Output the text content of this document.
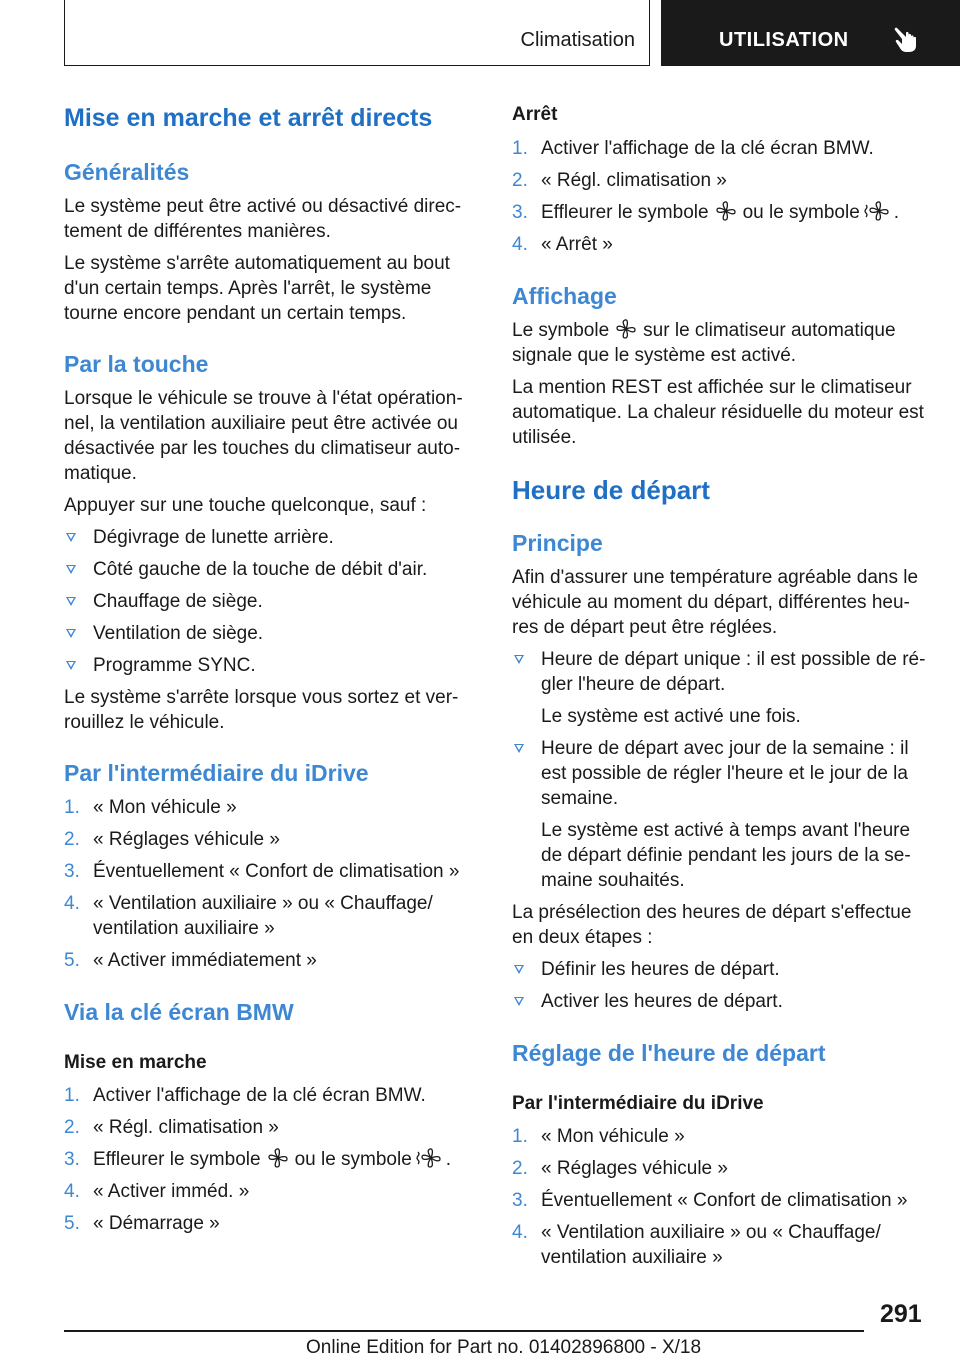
Climatisation	UTILISATION
Mise en marche et arrêt directs
Généralités
Le système peut être activé ou désactivé direc-
tement de différentes manières.
Le système s'arrête automatiquement au bout
d'un certain temps. Après l'arrêt, le système
tourne encore pendant un certain temps.
Par la touche
Lorsque le véhicule se trouve à l'état opération-
nel, la ventilation auxiliaire peut être activée ou
désactivée par les touches du climatiseur auto-
matique.
Appuyer sur une touche quelconque, sauf :
Dégivrage de lunette arrière.
Côté gauche de la touche de débit d'air.
Chauffage de siège.
Ventilation de siège.
Programme SYNC.
Le système s'arrête lorsque vous sortez et ver-
rouillez le véhicule.
Par l'intermédiaire du iDrive
1. « Mon véhicule »
2. « Réglages véhicule »
3. Éventuellement « Confort de climatisation »
4. « Ventilation auxiliaire » ou « Chauffage/
ventilation auxiliaire »
5. « Activer immédiatement »
Via la clé écran BMW
Mise en marche
1. Activer l'affichage de la clé écran BMW.
2. « Régl. climatisation »
3. Effleurer le symbole ou le symbole .
4. « Activer imméd. »
5. « Démarrage »
Arrêt
1. Activer l'affichage de la clé écran BMW.
2. « Régl. climatisation »
3. Effleurer le symbole ou le symbole .
4. « Arrêt »
Affichage
Le symbole sur le climatiseur automatique
signale que le système est activé.
La mention REST est affichée sur le climatiseur
automatique. La chaleur résiduelle du moteur est
utilisée.
Heure de départ
Principe
Afin d'assurer une température agréable dans le
véhicule au moment du départ, différentes heu-
res de départ peut être réglées.
Heure de départ unique : il est possible de ré-
gler l'heure de départ.
Le système est activé une fois.
Heure de départ avec jour de la semaine : il
est possible de régler l'heure et le jour de la
semaine.
Le système est activé à temps avant l'heure
de départ définie pendant les jours de la se-
maine souhaités.
La présélection des heures de départ s'effectue
en deux étapes :
Définir les heures de départ.
Activer les heures de départ.
Réglage de l'heure de départ
Par l'intermédiaire du iDrive
1. « Mon véhicule »
2. « Réglages véhicule »
3. Éventuellement « Confort de climatisation »
4. « Ventilation auxiliaire » ou « Chauffage/
ventilation auxiliaire »
291
Online Edition for Part no. 01402896800 - X/18
